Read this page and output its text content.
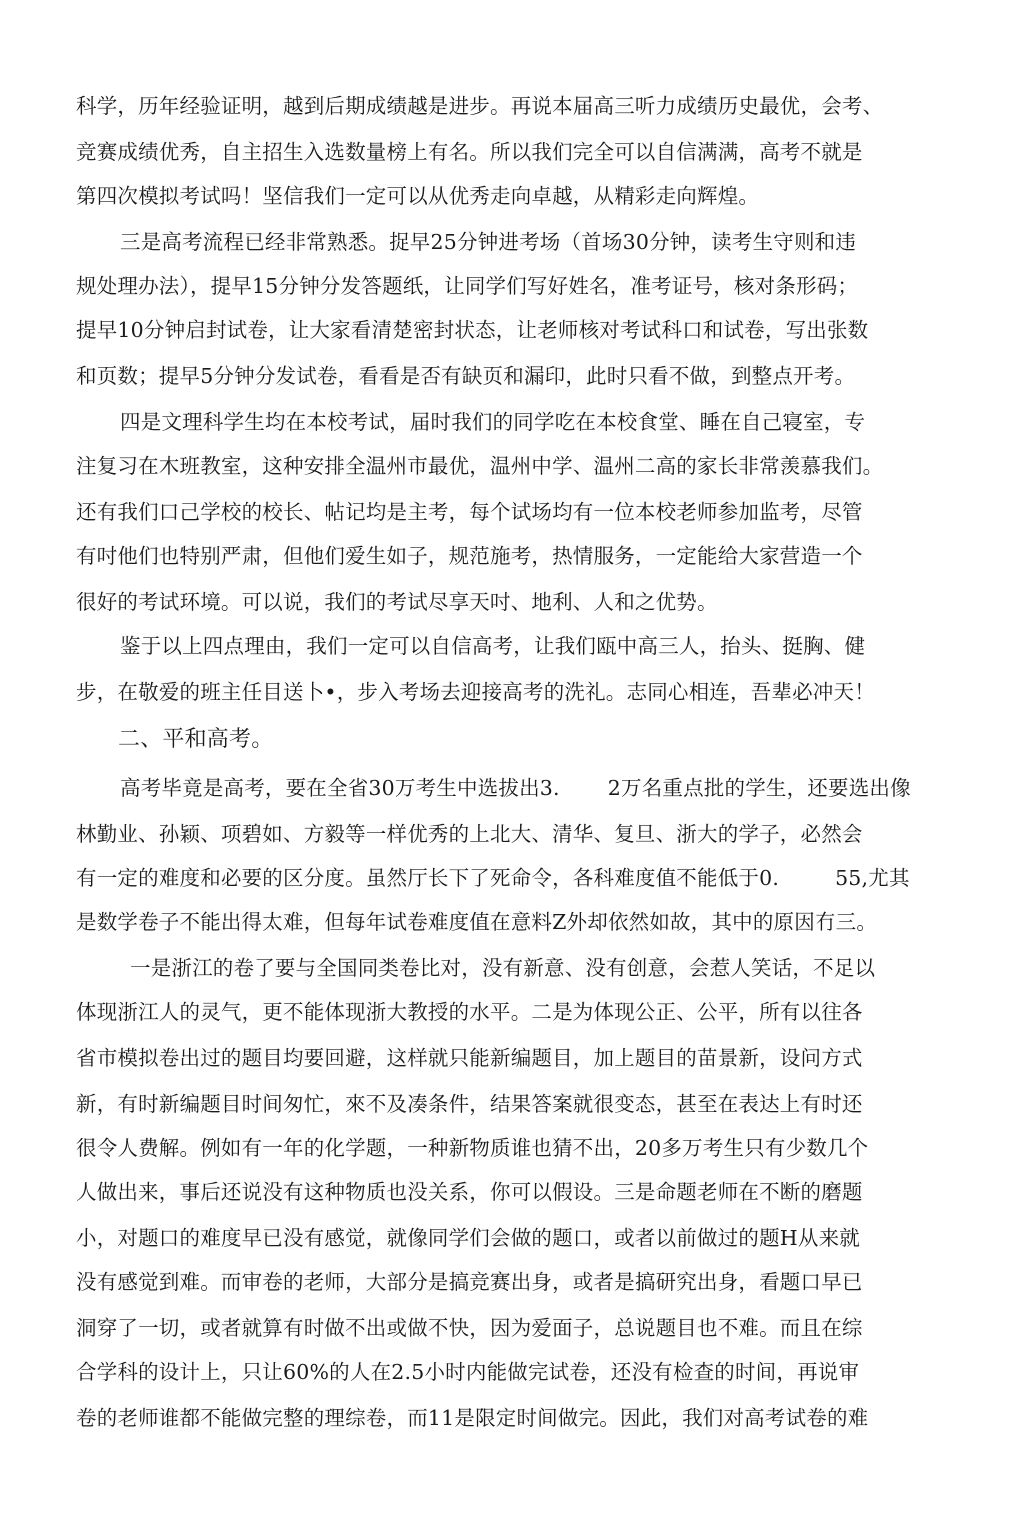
科学，历年经验证明，越到后期成绩越是进步。再说本届高三听力成绩历史最优，会考、
竞赛成绩优秀，自主招生入选数量榜上有名。所以我们完全可以自信满满，高考不就是
第四次模拟考试吗！坚信我们一定可以从优秀走向卓越，从精彩走向辉煌。
三是高考流程已经非常熟悉。捉早25分钟进考场（首场30分钟，读考生守则和违
规处理办法），提早15分钟分发答题纸，让同学们写好姓名，准考证号，核对条形码；
提早10分钟启封试卷，让大家看清楚密封状态，让老师核对考试科口和试卷，写出张数
和页数；提早5分钟分发试卷，看看是否有缺页和漏印，此时只看不做，到整点开考。
四是文理科学生均在本校考试，届时我们的同学吃在本校食堂、睡在自己寝室，专
注复习在木班教室，这种安排全温州市最优，温州中学、温州二高的家长非常羡慕我们。
还有我们口己学校的校长、帖记均是主考，每个试场均有一位本校老师参加监考，尽管
有吋他们也特别严肃，但他们爱生如子，规范施考，热情服务，一定能给大家营造一个
很好的考试环境。可以说，我们的考试尽享天吋、地利、人和之优势。
鉴于以上四点理由，我们一定可以自信高考，让我们瓯中高三人，抬头、挺胸、健
步，在敬爱的班主任目送卜•，步入考场去迎接高考的洗礼。志同心相连，吾辈必冲天！
二、平和高考。
高考毕竟是高考，要在全省30万考生中选拔出3. 2万名重点批的学生，还要选出像
林勤业、孙颖、项碧如、方毅等一样优秀的上北大、清华、复旦、浙大的学子，必然会
有一定的难度和必要的区分度。虽然厅长下了死命令，各科难度值不能低于0.	55,尤其
是数学卷子不能出得太难，但每年试卷难度值在意料Z外却依然如故，其中的原因冇三。
一是浙江的卷了要与全国同类卷比对，没有新意、没有创意，会惹人笑话，不足以
体现浙江人的灵气，更不能体现浙大教授的水平。二是为体现公正、公平，所有以往各
省市模拟卷出过的题目均要回避，这样就只能新编题目，加上题目的苗景新，设问方式
新，有时新编题目时间匆忙，來不及凑条件，结果答案就很变态，甚至在表达上有时还
很令人费解。例如有一年的化学题，一种新物质谁也猜不出，20多万考生只有少数几个
人做出来，事后还说没有这种物质也没关系，你可以假设。三是命题老师在不断的磨题
小，对题口的难度早已没有感觉，就像同学们会做的题口，或者以前做过的题H从来就
没有感觉到难。而审卷的老师，大部分是搞竞赛出身，或者是搞研究出身，看题口早已
洞穿了一切，或者就算有时做不出或做不快，因为爱面子，总说题目也不难。而且在综
合学科的设计上，只让60%的人在2.5小时内能做完试卷，还没有检查的时间，再说审
卷的老师谁都不能做完整的理综卷，而11是限定时间做完。因此，我们对高考试卷的难
